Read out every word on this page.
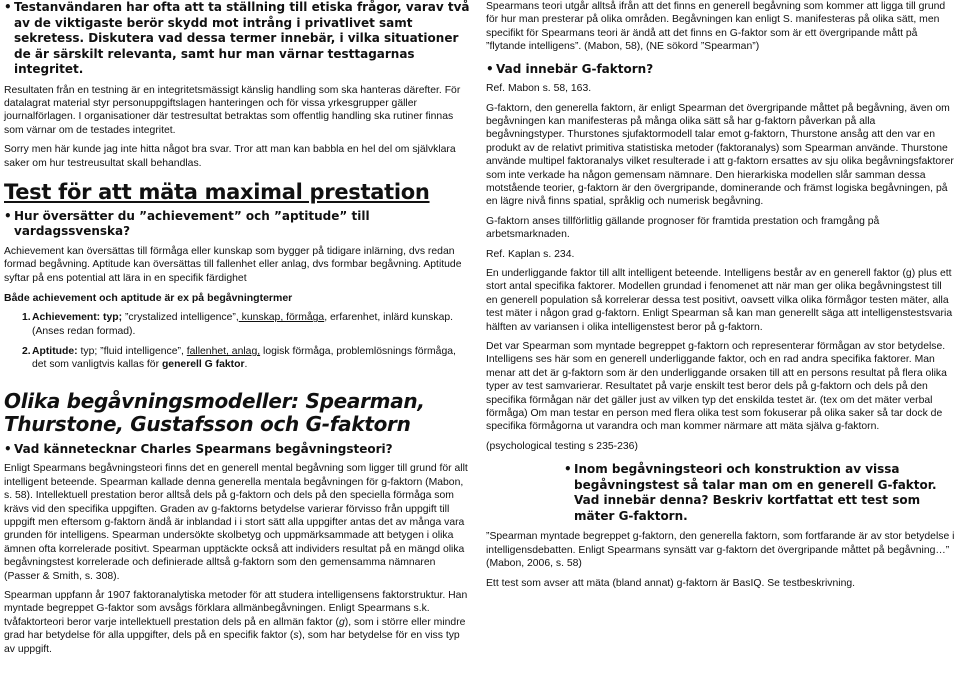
• Testanvändaren har ofta att ta ställning till etiska frågor, varav två av de viktigaste berör skydd mot intrång i privatlivet samt sekretess. Diskutera vad dessa termer innebär, i vilka situationer de är särskilt relevanta, samt hur man värnar testtagarnas integritet.

Resultaten från en testning är en integritetsmässigt känslig handling som ska hanteras därefter. För datalagrat material styr personuppgiftslagen hanteringen och för vissa yrkesgrupper gäller journalförlagen. I organisationer där testresultat betraktas som offentlig handling ska rutiner finnas som värnar om de testades integritet.

Sorry men här kunde jag inte hitta något bra svar. Tror att man kan babbla en hel del om självklara saker om hur testreusultat skall behandlas.

Test för att mäta maximal prestation
• Hur översätter du ”achievement” och ”aptitude” till vardagssvenska?

Achievement kan översättas till förmåga eller kunskap som bygger på tidigare inlärning, dvs redan formad begåvning. Aptitude kan översättas till fallenhet eller anlag, dvs formbar begåvning. Aptitude syftar på ens potential att lära in en specifik färdighet

Både achievement och aptitude är ex på begåvningtermer

1. Achievement: typ; ”crystalized intelligence”, kunskap, förmåga, erfarenhet, inlärd kunskap. (Anses redan formad).
2. Aptitude: typ; ”fluid intelligence”, fallenhet, anlag, logisk förmåga, problemlösnings förmåga, det som vanligtvis kallas för generell G faktor.
Olika begåvningsmodeller: Spearman, Thurstone, Gustafsson och G-faktorn
• Vad kännetecknar Charles Spearmans begåvningsteori?

Enligt Spearmans begåvningsteori finns det en generell mental begåvning som ligger till grund för allt intelligent beteende. Spearman kallade denna generella mentala begåvningen för g-faktorn (Mabon, s. 58). Intellektuell prestation beror alltså dels på g-faktorn och dels på den speciella förmåga som krävs vid den specifika uppgiften. Graden av g-faktorns betydelse varierar förvisso från uppgift till uppgift men eftersom g-faktorn ändå är inblandad i i stort sätt alla uppgifter antas det av många vara grunden för intelligens. Spearman undersökte skolbetyg och uppmärksammade att betygen i olika ämnen ofta korrelerade positivt. Spearman upptäckte också att individers resultat på en mängd olika begåvningstest korrelerade och definierade alltså g-faktorn som den gemensamma nämnaren (Passer & Smith, s. 308).

Spearman uppfann år 1907 faktoranalytiska metoder för att studera intelligensens faktorstruktur. Han myntade begreppet G-faktor som avsågs förklara allmänbegåvningen. Enligt Spearmans s.k. tvåfaktorteori beror varje intellektuell prestation dels på en allmän faktor (g), som i större eller mindre grad har betydelse för alla uppgifter, dels på en specifik faktor (s), som har betydelse för en viss typ av uppgift.

Spearmans teori utgår alltså ifrån att det finns en generell begåvning som kommer att ligga till grund för hur man presterar på olika områden. Begåvningen kan enligt S. manifesteras på olika sätt, men specifikt för Spearmans teori är ändå att det finns en G-faktor som är ett övergripande mått på ”flytande intelligens”. (Mabon, 58), (NE sökord ”Spearman”)

• Vad innebär G-faktorn?

Ref. Mabon s. 58, 163.

G-faktorn, den generella faktorn, är enligt Spearman det övergripande måttet på begåvning, även om begåvningen kan manifesteras på många olika sätt så har g-faktorn påverkan på alla begåvningstyper. Thurstones sjufaktormodell talar emot g-faktorn, Thurstone ansåg att den var en produkt av de relativt primitiva statistiska metoder (faktoranalys) som Spearman använde. Thurstone använde multipel faktoranalys vilket resulterade i att g-faktorn ersattes av sju olika begåvningsfaktorer som inte verkade ha någon gemensam nämnare. Den hierarkiska modellen slår samman dessa motstående teorier, g-faktorn är den övergripande, dominerande och främst logiska begåvningen, på en lägre nivå finns spatial, språklig och numerisk begåvning.

G-faktorn anses tillförlitlig gällande prognoser för framtida prestation och framgång på arbetsmarknaden.

Ref. Kaplan s. 234.

En underliggande faktor till allt intelligent beteende. Intelligens består av en generell faktor (g) plus ett stort antal specifika faktorer. Modellen grundad i fenomenet att när man ger olika begåvningstest till en generell population så korrelerar dessa test positivt, oavsett vilka olika förmågor testen mäter, alla test mäter i någon grad g-faktorn. Enligt Spearman så kan man generellt säga att intelligenstestsvaria hälften av variansen i olika intelligenstest beror på g-faktorn.

Det var Spearman som myntade begreppet g-faktorn och representerar förmågan av stor betydelse. Intelligens ses här som en generell underliggande faktor, och en rad andra specifika faktorer. Man menar att det är g-faktorn som är den underliggande orsaken till att en persons resultat på flera olika typer av test samvarierar. Resultatet på varje enskilt test beror dels på g-faktorn och dels på den specifika förmågan när det gäller just av vilken typ det enskilda testet är. (tex om det mäter verbal förmåga) Om man testar en person med flera olika test som fokuserar på olika saker så tar dock de specifika förmågorna ut varandra och man kommer närmare att mäta själva g-faktorn.

(psychological testing s 235-236)

• Inom begåvningsteori och konstruktion av vissa begåvningstest så talar man om en generell G-faktor. Vad innebär denna? Beskriv kortfattat ett test som mäter G-faktorn.

”Spearman myntade begreppet g-faktorn, den generella faktorn, som fortfarande är av stor betydelse i intelligensdebatten. Enligt Spearmans synsätt var g-faktorn det övergripande måttet på begåvning…” (Mabon, 2006, s. 58)

Ett test som avser att mäta (bland annat) g-faktorn är BasIQ. Se testbeskrivning.
